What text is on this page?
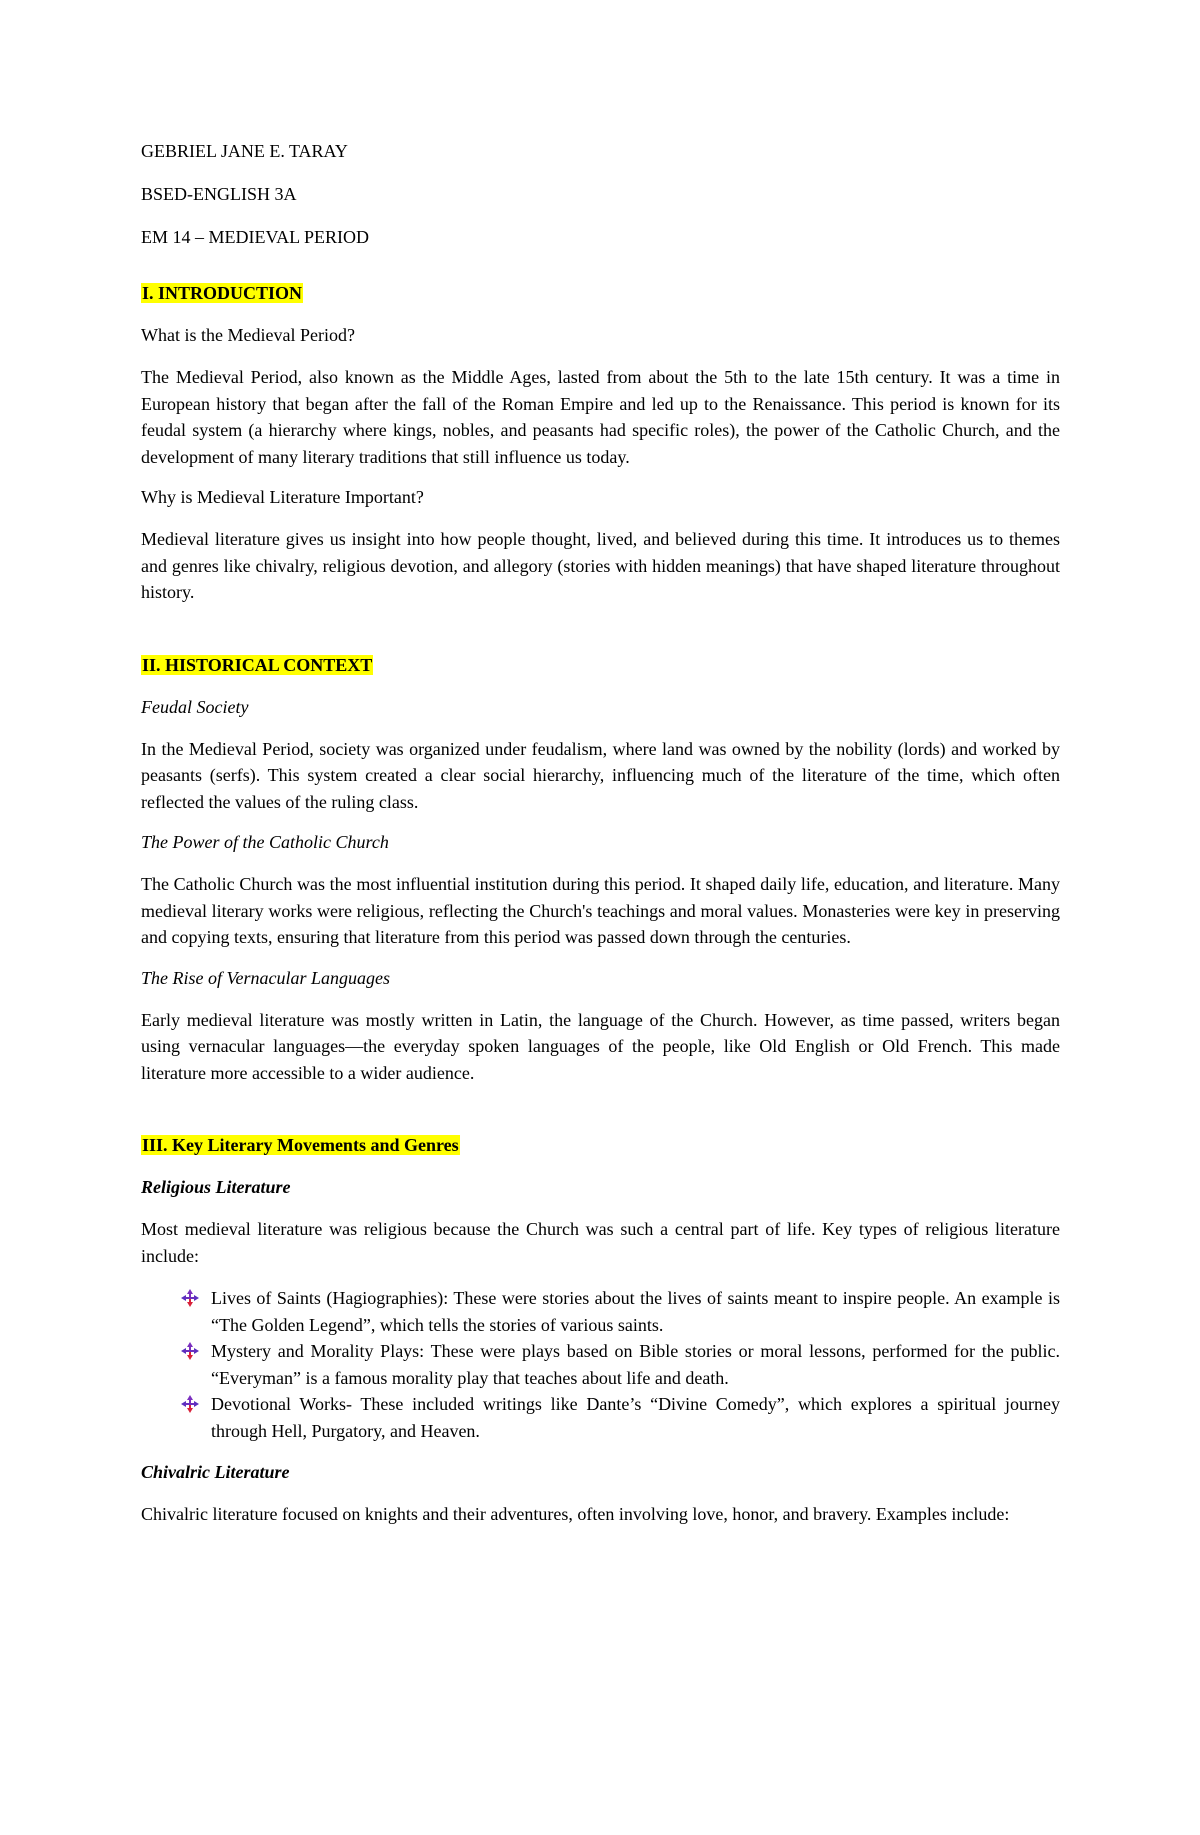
GEBRIEL JANE E. TARAY

BSED-ENGLISH 3A

EM 14 – MEDIEVAL PERIOD

I. INTRODUCTION

What is the Medieval Period?

The Medieval Period, also known as the Middle Ages, lasted from about the 5th to the late 15th century. It was a time in European history that began after the fall of the Roman Empire and led up to the Renaissance. This period is known for its feudal system (a hierarchy where kings, nobles, and peasants had specific roles), the power of the Catholic Church, and the development of many literary traditions that still influence us today.

Why is Medieval Literature Important?

Medieval literature gives us insight into how people thought, lived, and believed during this time. It introduces us to themes and genres like chivalry, religious devotion, and allegory (stories with hidden meanings) that have shaped literature throughout history.

II. HISTORICAL CONTEXT

Feudal Society

In the Medieval Period, society was organized under feudalism, where land was owned by the nobility (lords) and worked by peasants (serfs). This system created a clear social hierarchy, influencing much of the literature of the time, which often reflected the values of the ruling class.

The Power of the Catholic Church

The Catholic Church was the most influential institution during this period. It shaped daily life, education, and literature. Many medieval literary works were religious, reflecting the Church's teachings and moral values. Monasteries were key in preserving and copying texts, ensuring that literature from this period was passed down through the centuries.

The Rise of Vernacular Languages

Early medieval literature was mostly written in Latin, the language of the Church. However, as time passed, writers began using vernacular languages—the everyday spoken languages of the people, like Old English or Old French. This made literature more accessible to a wider audience.

III. Key Literary Movements and Genres

Religious Literature

Most medieval literature was religious because the Church was such a central part of life. Key types of religious literature include:

Lives of Saints (Hagiographies): These were stories about the lives of saints meant to inspire people. An example is “The Golden Legend”, which tells the stories of various saints.
Mystery and Morality Plays: These were plays based on Bible stories or moral lessons, performed for the public. “Everyman” is a famous morality play that teaches about life and death.
Devotional Works- These included writings like Dante’s “Divine Comedy”, which explores a spiritual journey through Hell, Purgatory, and Heaven.

Chivalric Literature

Chivalric literature focused on knights and their adventures, often involving love, honor, and bravery. Examples include:
